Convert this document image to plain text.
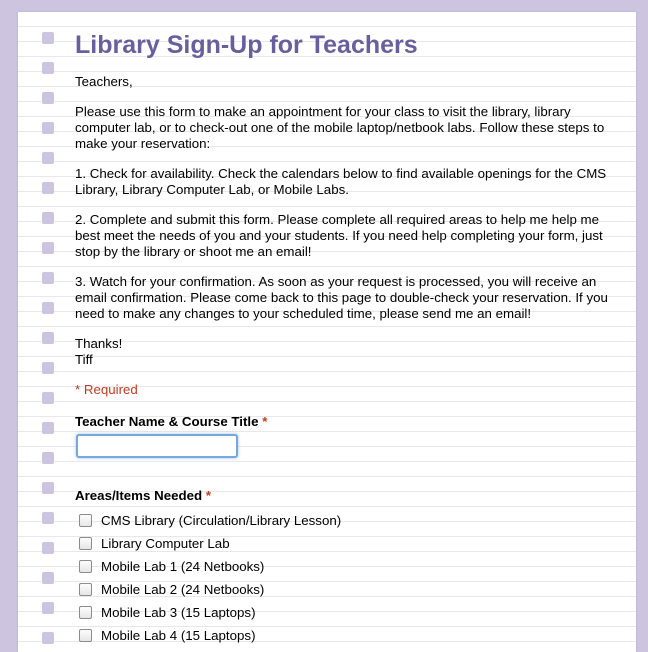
Library Sign-Up for Teachers

Teachers,

Please use this form to make an appointment for your class to visit the library, library computer lab, or to check-out one of the mobile laptop/netbook labs. Follow these steps to make your reservation:

1. Check for availability. Check the calendars below to find available openings for the CMS Library, Library Computer Lab, or Mobile Labs.

2. Complete and submit this form. Please complete all required areas to help me help me best meet the needs of you and your students. If you need help completing your form, just stop by the library or shoot me an email!

3. Watch for your confirmation. As soon as your request is processed, you will receive an email confirmation. Please come back to this page to double-check your reservation. If you need to make any changes to your scheduled time, please send me an email!

Thanks!
Tiff
* Required
Teacher Name & Course Title *
Areas/Items Needed *
CMS Library (Circulation/Library Lesson)
Library Computer Lab
Mobile Lab 1 (24 Netbooks)
Mobile Lab 2 (24 Netbooks)
Mobile Lab 3 (15 Laptops)
Mobile Lab 4 (15 Laptops)
